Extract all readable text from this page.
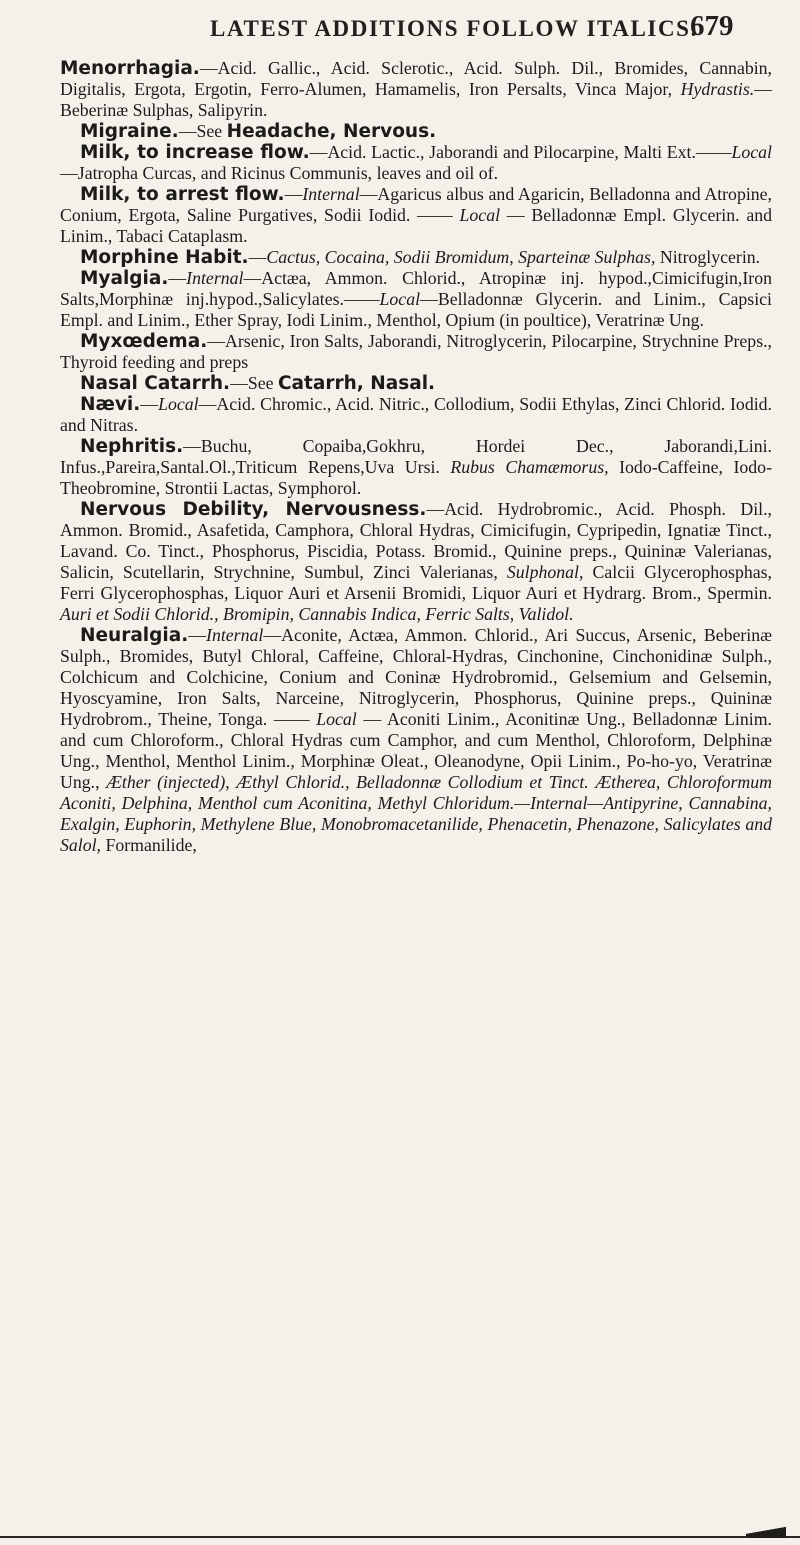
LATEST ADDITIONS FOLLOW ITALICS.
679

Menorrhagia.—Acid. Gallic., Acid. Sclerotic., Acid. Sulph. Dil., Bromides, Cannabin, Digitalis, Ergota, Ergotin, Ferro-Alumen, Hamamelis, Iron Persalts, Vinca Major, Hydrastis.—Beberinæ Sulphas, Salipyrin.

Migraine.—See Headache, Nervous.

Milk, to increase flow.—Acid. Lactic., Jaborandi and Pilocarpine, Malti Ext.——Local—Jatropha Curcas, and Ricinus Communis, leaves and oil of.

Milk, to arrest flow.—Internal—Agaricus albus and Agaricin, Belladonna and Atropine, Conium, Ergota, Saline Purgatives, Sodii Iodid. —— Local — Belladonnæ Empl. Glycerin. and Linim., Tabaci Cataplasm.

Morphine Habit.—Cactus, Cocaina, Sodii Bromidum, Sparteinæ Sulphas, Nitroglycerin.

Myalgia.—Internal—Actæa, Ammon. Chlorid., Atropinæ inj. hypod.,Cimicifugin,Iron Salts,Morphinæ inj.hypod.,Salicylates.——Local—Belladonnæ Glycerin. and Linim., Capsici Empl. and Linim., Ether Spray, Iodi Linim., Menthol, Opium (in poultice), Veratrinæ Ung.

Myxœdema.—Arsenic, Iron Salts, Jaborandi, Nitroglycerin, Pilocarpine, Strychnine Preps., Thyroid feeding and preps

Nasal Catarrh.—See Catarrh, Nasal.

Nævi.—Local—Acid. Chromic., Acid. Nitric., Collodium, Sodii Ethylas, Zinci Chlorid. Iodid. and Nitras.

Nephritis.—Buchu, Copaiba,Gokhru, Hordei Dec., Jaborandi,Lini. Infus.,Pareira,Santal.Ol.,Triticum Repens,Uva Ursi. Rubus Chamæmorus, Iodo-Caffeine, Iodo-Theobromine, Strontii Lactas, Symphorol.

Nervous Debility, Nervousness.—Acid. Hydrobromic., Acid. Phosph. Dil., Ammon. Bromid., Asafetida, Camphora, Chloral Hydras, Cimicifugin, Cypripedin, Ignatiæ Tinct., Lavand. Co. Tinct., Phosphorus, Piscidia, Potass. Bromid., Quinine preps., Quininæ Valerianas, Salicin, Scutellarin, Strychnine, Sumbul, Zinci Valerianas, Sulphonal, Calcii Glycerophosphas, Ferri Glycerophosphas, Liquor Auri et Arsenii Bromidi, Liquor Auri et Hydrarg. Brom., Spermin. Auri et Sodii Chlorid., Bromipin, Cannabis Indica, Ferric Salts, Validol.

Neuralgia.—Internal—Aconite, Actæa, Ammon. Chlorid., Ari Succus, Arsenic, Beberinæ Sulph., Bromides, Butyl Chloral, Caffeine, Chloral-Hydras, Cinchonine, Cinchonidinæ Sulph., Colchicum and Colchicine, Conium and Coninæ Hydrobromid., Gelsemium and Gelsemin, Hyoscyamine, Iron Salts, Narceine, Nitroglycerin, Phosphorus, Quinine preps., Quininæ Hydrobrom., Theine, Tonga. —— Local — Aconiti Linim., Aconitinæ Ung., Belladonnæ Linim. and cum Chloroform., Chloral Hydras cum Camphor, and cum Menthol, Chloroform, Delphinæ Ung., Menthol, Menthol Linim., Morphinæ Oleat., Oleanodyne, Opii Linim., Po-ho-yo, Veratrinæ Ung., Æther (injected), Æthyl Chlorid., Belladonnæ Collodium et Tinct. Ætherea, Chloroformum Aconiti, Delphina, Menthol cum Aconitina, Methyl Chloridum.—Internal—Antipyrine, Cannabina, Exalgin, Euphorin, Methylene Blue, Monobromacetanilide, Phenacetin, Phenazone, Salicylates and Salol, Formanilide,
